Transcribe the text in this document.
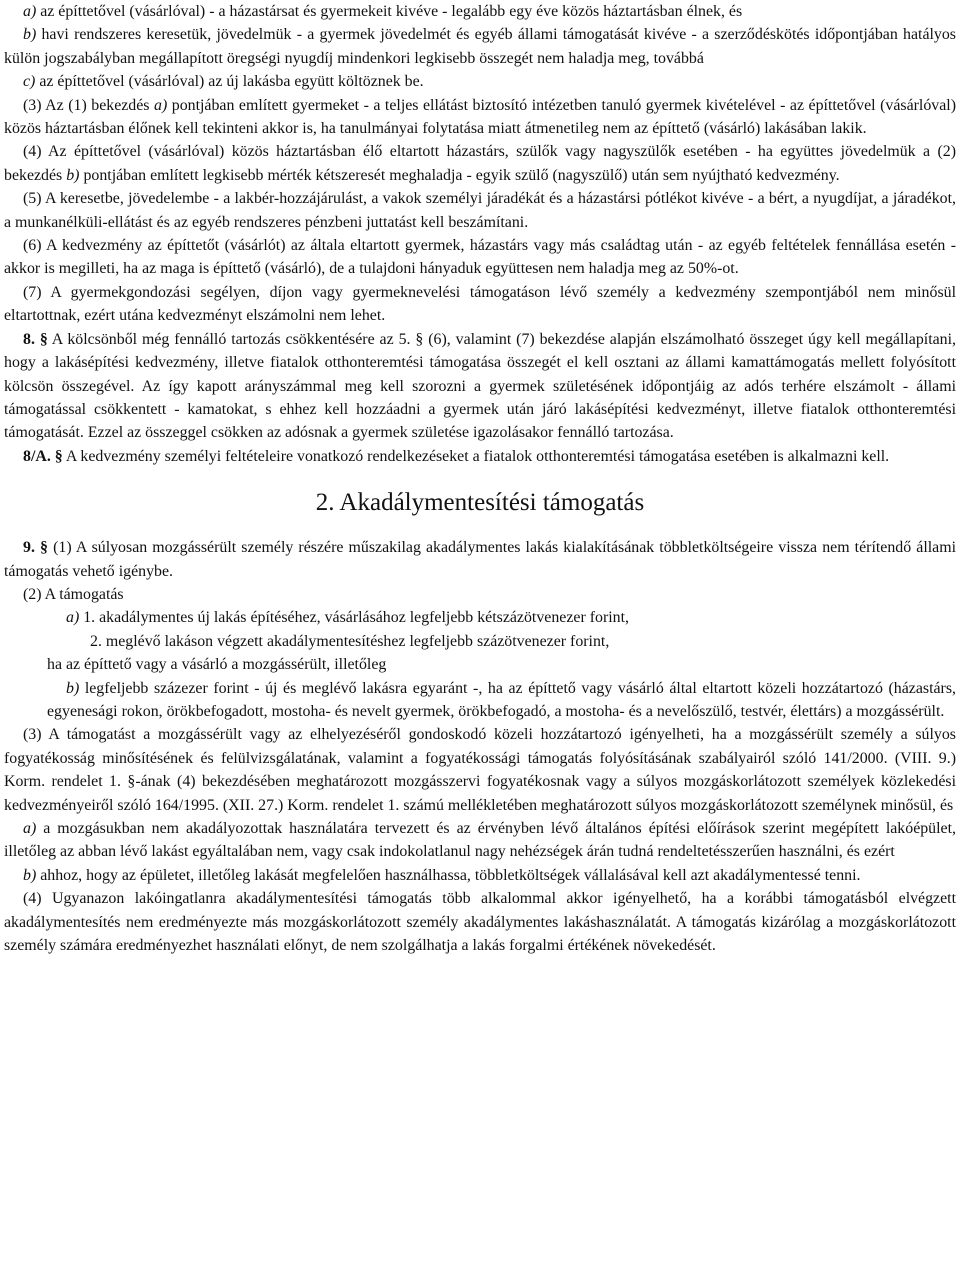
a) az építtetővel (vásárlóval) - a házastársat és gyermekeit kivéve - legalább egy éve közös háztartásban élnek, és

b) havi rendszeres keresetük, jövedelmük - a gyermek jövedelmét és egyéb állami támogatását kivéve - a szerződéskötés időpontjában hatályos külön jogszabályban megállapított öregségi nyugdíj mindenkori legkisebb összegét nem haladja meg, továbbá

c) az építtetővel (vásárlóval) az új lakásba együtt költöznek be.

(3) Az (1) bekezdés a) pontjában említett gyermeket - a teljes ellátást biztosító intézetben tanuló gyermek kivételével - az építtetővel (vásárlóval) közös háztartásban élőnek kell tekinteni akkor is, ha tanulmányai folytatása miatt átmenetileg nem az építtető (vásárló) lakásában lakik.

(4) Az építtetővel (vásárlóval) közös háztartásban élő eltartott házastárs, szülők vagy nagyszülők esetében - ha együttes jövedelmük a (2) bekezdés b) pontjában említett legkisebb mérték kétszeresét meghaladja - egyik szülő (nagyszülő) után sem nyújtható kedvezmény.

(5) A keresetbe, jövedelembe - a lakbér-hozzájárulást, a vakok személyi járadékát és a házastársi pótlékot kivéve - a bért, a nyugdíjat, a járadékot, a munkanélküli-ellátást és az egyéb rendszeres pénzbeni juttatást kell beszámítani.

(6) A kedvezmény az építtetőt (vásárlót) az általa eltartott gyermek, házastárs vagy más családtag után - az egyéb feltételek fennállása esetén - akkor is megilleti, ha az maga is építtető (vásárló), de a tulajdoni hányaduk együttesen nem haladja meg az 50%-ot.

(7) A gyermekgondozási segélyen, díjon vagy gyermeknevelési támogatáson lévő személy a kedvezmény szempontjából nem minősül eltartottnak, ezért utána kedvezményt elszámolni nem lehet.

8. § A kölcsönből még fennálló tartozás csökkentésére az 5. § (6), valamint (7) bekezdése alapján elszámolható összeget úgy kell megállapítani, hogy a lakásépítési kedvezmény, illetve fiatalok otthonteremtési támogatása összegét el kell osztani az állami kamattámogatás mellett folyósított kölcsön összegével. Az így kapott arányszámmal meg kell szorozni a gyermek születésének időpontjáig az adós terhére elszámolt - állami támogatással csökkentett - kamatokat, s ehhez kell hozzáadni a gyermek után járó lakásépítési kedvezményt, illetve fiatalok otthonteremtési támogatását. Ezzel az összeggel csökken az adósnak a gyermek születése igazolásakor fennálló tartozása.

8/A. § A kedvezmény személyi feltételeire vonatkozó rendelkezéseket a fiatalok otthonteremtési támogatása esetében is alkalmazni kell.

2. Akadálymentesítési támogatás

9. § (1) A súlyosan mozgássérült személy részére műszakilag akadálymentes lakás kialakításának többletköltségeire vissza nem térítendő állami támogatás vehető igénybe.

(2) A támogatás

a) 1. akadálymentes új lakás építéséhez, vásárlásához legfeljebb kétszázötvenezer forint,

2. meglévő lakáson végzett akadálymentesítéshez legfeljebb százötvenezer forint,

ha az építtető vagy a vásárló a mozgássérült, illetőleg

b) legfeljebb százezer forint - új és meglévő lakásra egyaránt -, ha az építtető vagy vásárló által eltartott közeli hozzátartozó (házastárs, egyenesági rokon, örökbefogadott, mostoha- és nevelt gyermek, örökbefogadó, a mostoha- és a nevelőszülő, testvér, élettárs) a mozgássérült.

(3) A támogatást a mozgássérült vagy az elhelyezéséről gondoskodó közeli hozzátartozó igényelheti, ha a mozgássérült személy a súlyos fogyatékosság minősítésének és felülvizsgálatának, valamint a fogyatékossági támogatás folyósításának szabályairól szóló 141/2000. (VIII. 9.) Korm. rendelet 1. §-ának (4) bekezdésében meghatározott mozgásszervi fogyatékosnak vagy a súlyos mozgáskorlátozott személyek közlekedési kedvezményeiről szóló 164/1995. (XII. 27.) Korm. rendelet 1. számú mellékletében meghatározott súlyos mozgáskorlátozott személynek minősül, és

a) a mozgásukban nem akadályozottak használatára tervezett és az érvényben lévő általános építési előírások szerint megépített lakóépület, illetőleg az abban lévő lakást egyáltalában nem, vagy csak indokolatlanul nagy nehézségek árán tudná rendeltetésszerűen használni, és ezért

b) ahhoz, hogy az épületet, illetőleg lakását megfelelően használhassa, többletköltségek vállalásával kell azt akadálymentessé tenni.

(4) Ugyanazon lakóingatlanra akadálymentesítési támogatás több alkalommal akkor igényelhető, ha a korábbi támogatásból elvégzett akadálymentesítés nem eredményezte más mozgáskorlátozott személy akadálymentes lakáshasználatát. A támogatás kizárólag a mozgáskorlátozott személy számára eredményezhet használati előnyt, de nem szolgálhatja a lakás forgalmi értékének növekedését.
